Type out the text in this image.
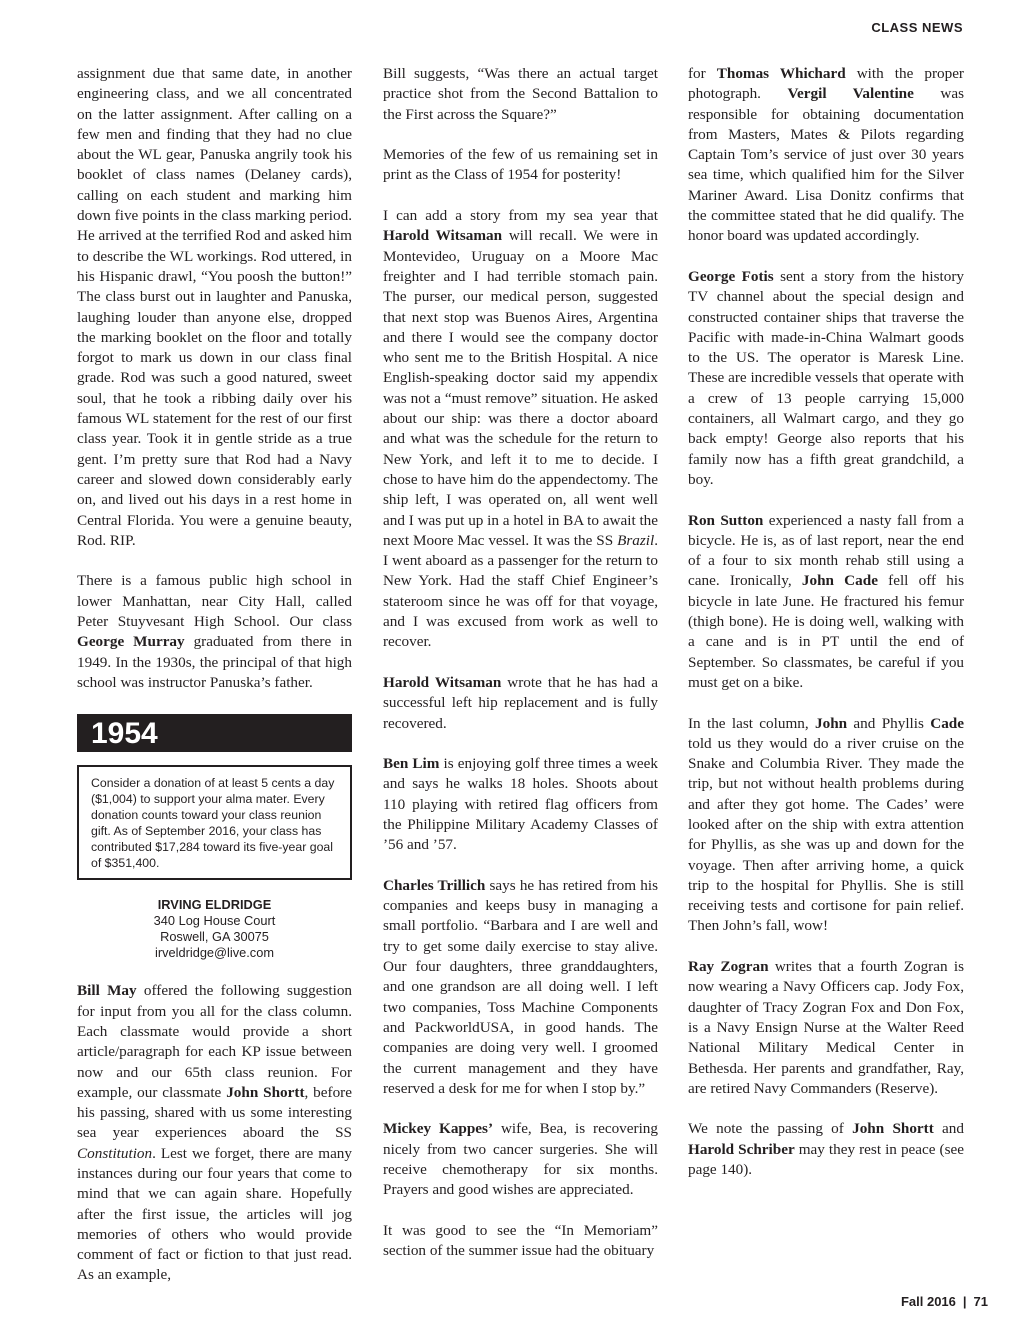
CLASS NEWS

assignment due that same date, in another engineering class, and we all concentrated on the latter assignment. After calling on a few men and finding that they had no clue about the WL gear, Panuska angrily took his booklet of class names (Delaney cards), calling on each student and marking him down five points in the class marking period. He arrived at the terrified Rod and asked him to describe the WL workings. Rod uttered, in his Hispanic drawl, “You poosh the button!” The class burst out in laughter and Panuska, laughing louder than anyone else, dropped the marking booklet on the floor and totally forgot to mark us down in our class final grade. Rod was such a good natured, sweet soul, that he took a ribbing daily over his famous WL statement for the rest of our first class year. Took it in gentle stride as a true gent. I’m pretty sure that Rod had a Navy career and slowed down considerably early on, and lived out his days in a rest home in Central Florida. You were a genuine beauty, Rod. RIP.

There is a famous public high school in lower Manhattan, near City Hall, called Peter Stuyvesant High School. Our class George Murray graduated from there in 1949. In the 1930s, the principal of that high school was instructor Panuska’s father.

1954
Consider a donation of at least 5 cents a day ($1,004) to support your alma mater. Every donation counts toward your class reunion gift. As of September 2016, your class has contributed $17,284 toward its five-year goal of $351,400.
IRVING ELDRIDGE
340 Log House Court
Roswell, GA 30075
irveldridge@live.com

Bill May offered the following suggestion for input from you all for the class column. Each classmate would provide a short article/paragraph for each KP issue between now and our 65th class reunion. For example, our classmate John Shortt, before his passing, shared with us some interesting sea year experiences aboard the SS Constitution. Lest we forget, there are many instances during our four years that come to mind that we can again share. Hopefully after the first issue, the articles will jog memories of others who would provide comment of fact or fiction to that just read. As an example,

Bill suggests, “Was there an actual target practice shot from the Second Battalion to the First across the Square?”

Memories of the few of us remaining set in print as the Class of 1954 for posterity!

I can add a story from my sea year that Harold Witsaman will recall. We were in Montevideo, Uruguay on a Moore Mac freighter and I had terrible stomach pain. The purser, our medical person, suggested that next stop was Buenos Aires, Argentina and there I would see the company doctor who sent me to the British Hospital. A nice English-speaking doctor said my appendix was not a “must remove” situation. He asked about our ship: was there a doctor aboard and what was the schedule for the return to New York, and left it to me to decide. I chose to have him do the appendectomy. The ship left, I was operated on, all went well and I was put up in a hotel in BA to await the next Moore Mac vessel. It was the SS Brazil. I went aboard as a passenger for the return to New York. Had the staff Chief Engineer’s stateroom since he was off for that voyage, and I was excused from work as well to recover.

Harold Witsaman wrote that he has had a successful left hip replacement and is fully recovered.

Ben Lim is enjoying golf three times a week and says he walks 18 holes. Shoots about 110 playing with retired flag officers from the Philippine Military Academy Classes of ’56 and ’57.

Charles Trillich says he has retired from his companies and keeps busy in managing a small portfolio. “Barbara and I are well and try to get some daily exercise to stay alive. Our four daughters, three granddaughters, and one grandson are all doing well. I left two companies, Toss Machine Components and PackworldUSA, in good hands. The companies are doing very well. I groomed the current management and they have reserved a desk for me for when I stop by.”

Mickey Kappes’ wife, Bea, is recovering nicely from two cancer surgeries. She will receive chemotherapy for six months. Prayers and good wishes are appreciated.

It was good to see the “In Memoriam” section of the summer issue had the obituary

for Thomas Whichard with the proper photograph. Vergil Valentine was responsible for obtaining documentation from Masters, Mates & Pilots regarding Captain Tom’s service of just over 30 years sea time, which qualified him for the Silver Mariner Award. Lisa Donitz confirms that the committee stated that he did qualify. The honor board was updated accordingly.

George Fotis sent a story from the history TV channel about the special design and constructed container ships that traverse the Pacific with made-in-China Walmart goods to the US. The operator is Maresk Line. These are incredible vessels that operate with a crew of 13 people carrying 15,000 containers, all Walmart cargo, and they go back empty! George also reports that his family now has a fifth great grandchild, a boy.

Ron Sutton experienced a nasty fall from a bicycle. He is, as of last report, near the end of a four to six month rehab still using a cane. Ironically, John Cade fell off his bicycle in late June. He fractured his femur (thigh bone). He is doing well, walking with a cane and is in PT until the end of September. So classmates, be careful if you must get on a bike.

In the last column, John and Phyllis Cade told us they would do a river cruise on the Snake and Columbia River. They made the trip, but not without health problems during and after they got home. The Cades’ were looked after on the ship with extra attention for Phyllis, as she was up and down for the voyage. Then after arriving home, a quick trip to the hospital for Phyllis. She is still receiving tests and cortisone for pain relief. Then John’s fall, wow!

Ray Zogran writes that a fourth Zogran is now wearing a Navy Officers cap. Jody Fox, daughter of Tracy Zogran Fox and Don Fox, is a Navy Ensign Nurse at the Walter Reed National Military Medical Center in Bethesda. Her parents and grandfather, Ray, are retired Navy Commanders (Reserve).

We note the passing of John Shortt and Harold Schriber may they rest in peace (see page 140).

Fall 2016 | 71
